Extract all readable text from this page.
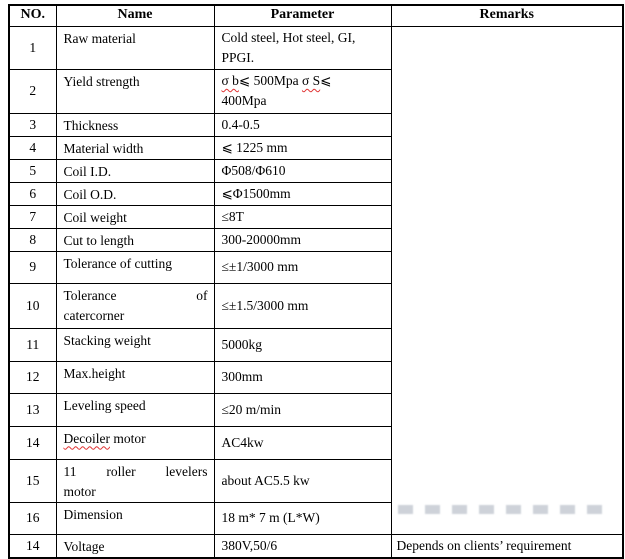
NO.	Name	Parameter	Remarks
1	Raw material	Cold steel, Hot steel, GI,
PPGI.	

2	Yield strength	σ b⩽ 500Mpa σ S⩽
400Mpa	

3	Thickness	0.4-0.5	

4	Material width	⩽ 1225 mm	

5	Coil I.D.	Φ508/Φ610	

6	Coil O.D.	⩽Φ1500mm	

7	Coil weight	≤8T	

8	Cut to length	300-20000mm	

9	Tolerance of cutting	≤±1/3000 mm	

10	Tolerance of
catercorner	≤±1.5/3000 mm	

11	Stacking weight	5000kg	

12	Max.height	300mm	

13	Leveling speed	≤20 m/min	

14	Decoiler motor	AC4kw	

15	11 roller levelers
motor	about AC5.5 kw	

16	Dimension	18 m* 7 m (L*W)	

14	Voltage	380V,50/6	Depends on clients’ requirement
